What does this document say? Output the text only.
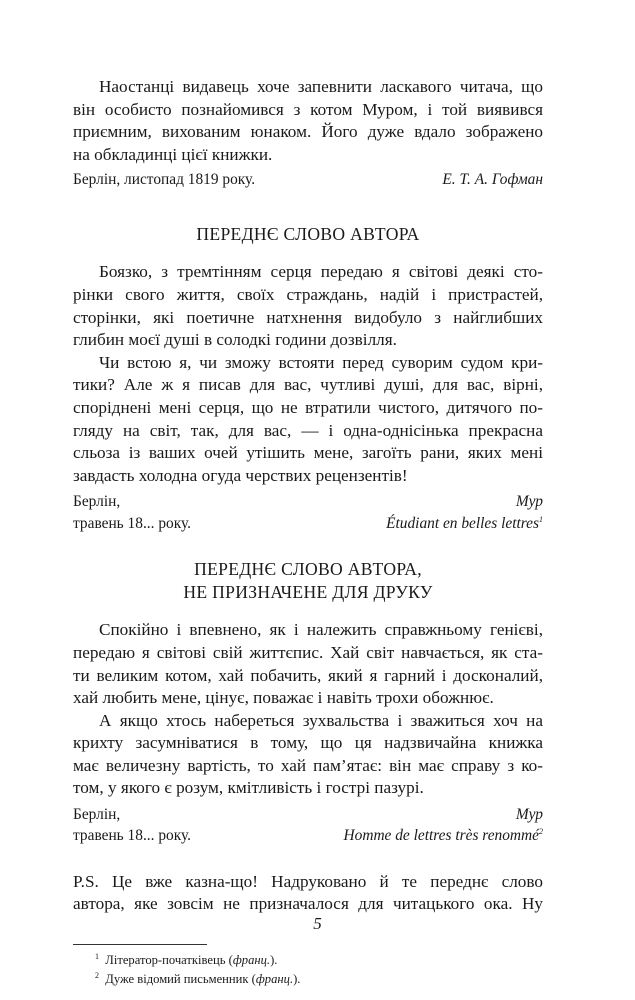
Наостанці видавець хоче запевнити ласкавого читача, що
він особисто познайомився з котом Муром, і той виявився
приємним, вихованим юнаком. Його дуже вдало зображено
на обкладинці цієї книжки.

Берлін, листопад 1819 року.	Е. Т. А. Гофман
ПЕРЕДНЄ СЛОВО АВТОРА

Боязко, з тремтінням серця передаю я світові деякі сто-
рінки свого життя, своїх страждань, надій і пристрастей,
сторінки, які поетичне натхнення видобуло з найглибших
глибин моєї душі в солодкі години дозвілля.

Чи встою я, чи зможу встояти перед суворим судом кри-
тики? Але ж я писав для вас, чутливі душі, для вас, вірні,
споріднені мені серця, що не втратили чистого, дитячого по-
гляду на світ, так, для вас, — і одна-однісінька прекрасна
сльоза із ваших очей утішить мене, загоїть рани, яких мені
завдасть холодна огуда черствих рецензентів!

Берлін,
травень 18... року.
Мур
Étudiant en belles lettres$^1$
ПЕРЕДНЄ СЛОВО АВТОРА,
НЕ ПРИЗНАЧЕНЕ ДЛЯ ДРУКУ

Спокійно і впевнено, як і належить справжньому генієві,
передаю я світові свій життєпис. Хай світ навчається, як ста-
ти великим котом, хай побачить, який я гарний і досконалий,
хай любить мене, цінує, поважає і навіть трохи обожнює.

А якщо хтось набереться зухвальства і зважиться хоч на
крихту засумніватися в тому, що ця надзвичайна книжка
має величезну вартість, то хай пам’ятає: він має справу з ко-
том, у якого є розум, кмітливість і гострі пазурі.

Берлін,
травень 18... року.
Мур
Homme de lettres très renommé$^2$

P.S. Це вже казна-що! Надруковано й те переднє слово
автора, яке зовсім не призначалося для читацького ока. Ну

$^1$ Літератор-початківець (франц.).
$^2$ Дуже відомий письменник (франц.).
5
